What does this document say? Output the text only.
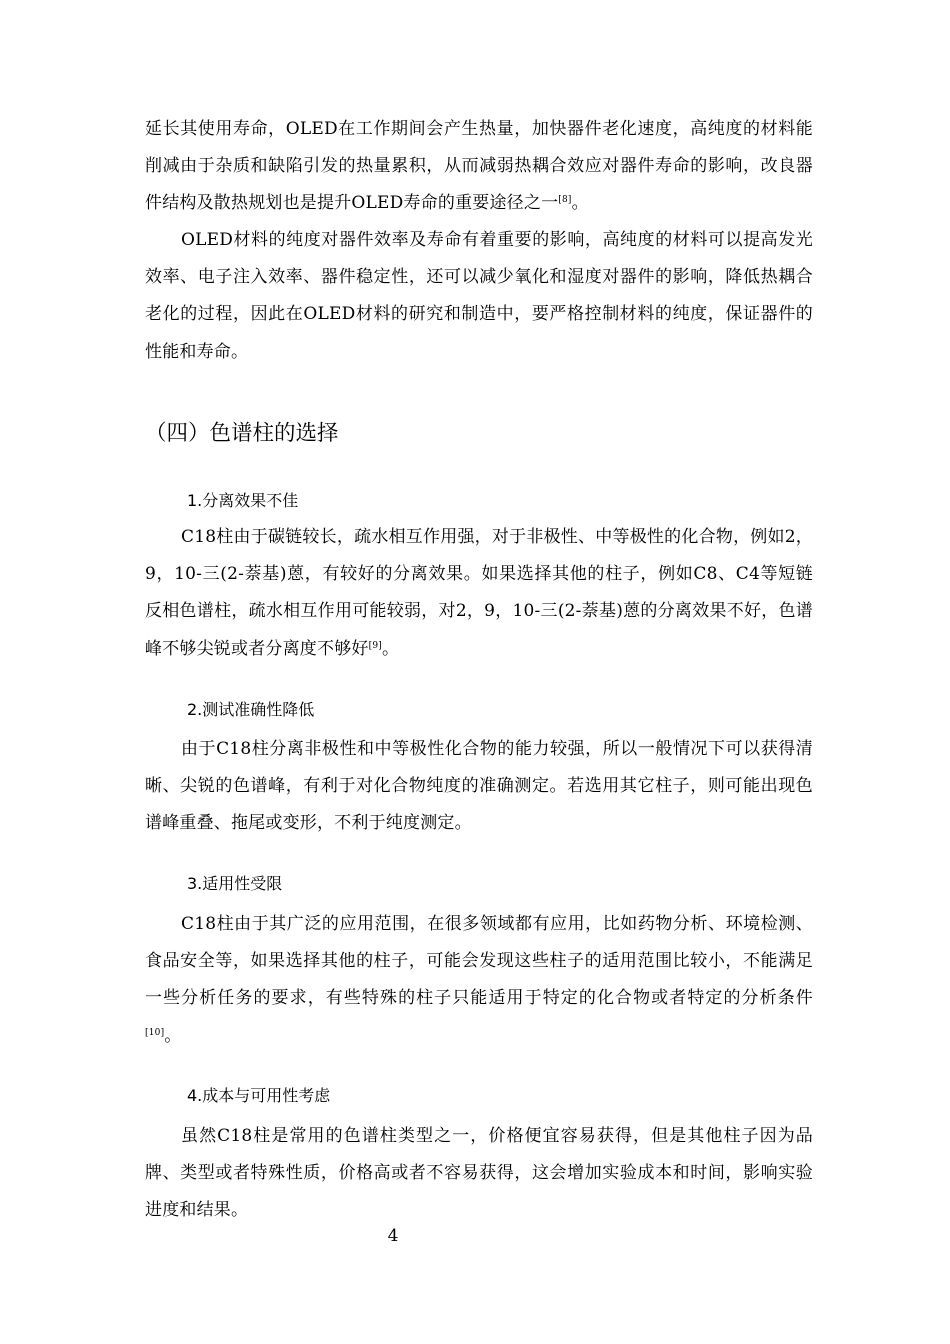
延长其使用寿命，OLED在工作期间会产生热量，加快器件老化速度，高纯度的材料能削减由于杂质和缺陷引发的热量累积，从而减弱热耦合效应对器件寿命的影响，改良器件结构及散热规划也是提升OLED寿命的重要途径之一[8]。

OLED材料的纯度对器件效率及寿命有着重要的影响，高纯度的材料可以提高发光效率、电子注入效率、器件稳定性，还可以减少氧化和湿度对器件的影响，降低热耦合老化的过程，因此在OLED材料的研究和制造中，要严格控制材料的纯度，保证器件的性能和寿命。

（四）色谱柱的选择
1.分离效果不佳

C18柱由于碳链较长，疏水相互作用强，对于非极性、中等极性的化合物，例如2，9，10-三(2-萘基)蒽，有较好的分离效果。如果选择其他的柱子，例如C8、C4等短链反相色谱柱，疏水相互作用可能较弱，对2，9，10-三(2-萘基)蒽的分离效果不好，色谱峰不够尖锐或者分离度不够好[9]。

2.测试准确性降低

由于C18柱分离非极性和中等极性化合物的能力较强，所以一般情况下可以获得清晰、尖锐的色谱峰，有利于对化合物纯度的准确测定。若选用其它柱子，则可能出现色谱峰重叠、拖尾或变形，不利于纯度测定。

3.适用性受限

C18柱由于其广泛的应用范围，在很多领域都有应用，比如药物分析、环境检测、食品安全等，如果选择其他的柱子，可能会发现这些柱子的适用范围比较小，不能满足一些分析任务的要求，有些特殊的柱子只能适用于特定的化合物或者特定的分析条件[10]。

4.成本与可用性考虑

虽然C18柱是常用的色谱柱类型之一，价格便宜容易获得，但是其他柱子因为品牌、类型或者特殊性质，价格高或者不容易获得，这会增加实验成本和时间，影响实验进度和结果。

4
